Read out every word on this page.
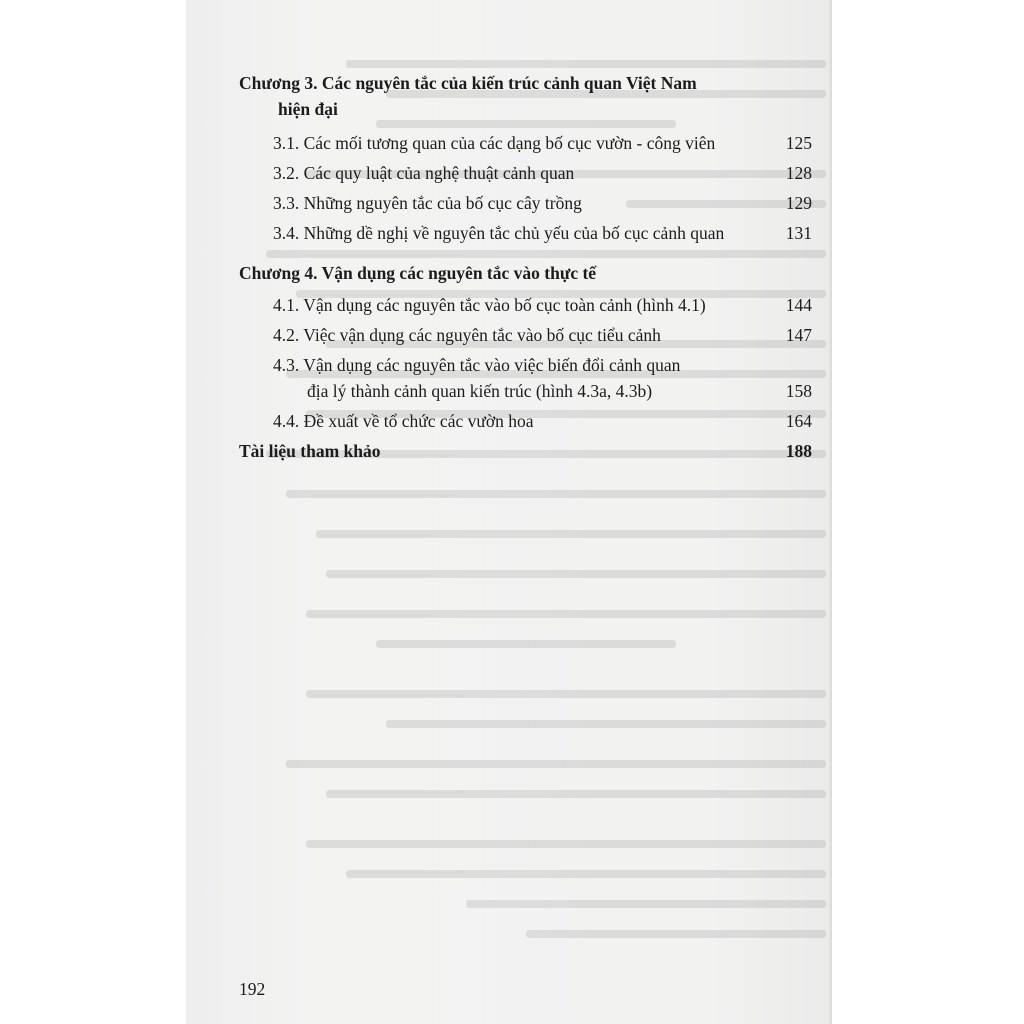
Chương 3. Các nguyên tắc của kiến trúc cảnh quan Việt Nam
hiện đại
3.1. Các mối tương quan của các dạng bố cục vườn - công viên	125
3.2. Các quy luật của nghệ thuật cảnh quan	128
3.3. Những nguyên tắc của bố cục cây trồng	129
3.4. Những dề nghị về nguyên tắc chủ yếu của bố cục cảnh quan	131
Chương 4. Vận dụng các nguyên tắc vào thực tế
4.1. Vận dụng các nguyên tắc vào bố cục toàn cảnh (hình 4.1)	144
4.2. Việc vận dụng các nguyên tắc vào bố cục tiểu cảnh	147
4.3. Vận dụng các nguyên tắc vào việc biến đổi cảnh quan
địa lý thành cảnh quan kiến trúc (hình 4.3a, 4.3b)	158
4.4. Đề xuất về tổ chức các vườn hoa	164
Tài liệu tham khảo	188
192
